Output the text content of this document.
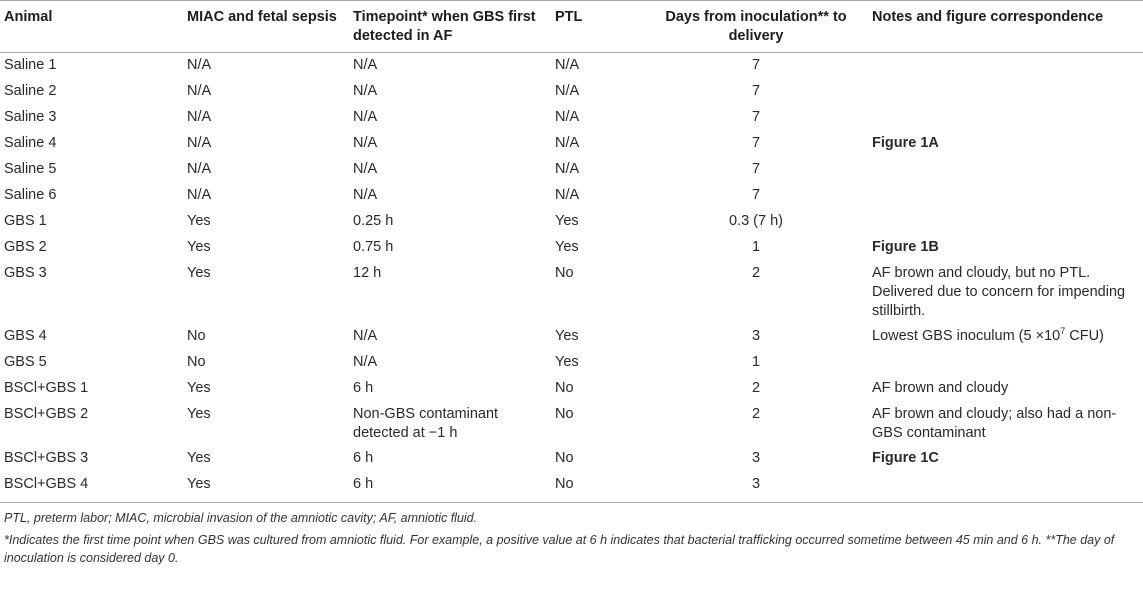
Animal	MIAC and fetal sepsis	Timepoint* when GBS first detected in AF	PTL	Days from inoculation** to delivery	Notes and figure correspondence
Saline 1	N/A	N/A	N/A	7	
Saline 2	N/A	N/A	N/A	7	
Saline 3	N/A	N/A	N/A	7	
Saline 4	N/A	N/A	N/A	7	Figure 1A
Saline 5	N/A	N/A	N/A	7	
Saline 6	N/A	N/A	N/A	7	
GBS 1	Yes	0.25 h	Yes	0.3 (7 h)	
GBS 2	Yes	0.75 h	Yes	1	Figure 1B
GBS 3	Yes	12 h	No	2	AF brown and cloudy, but no PTL. Delivered due to concern for impending stillbirth.
GBS 4	No	N/A	Yes	3	Lowest GBS inoculum ($5 \times 10^7$ CFU)
GBS 5	No	N/A	Yes	1	
BSCl+GBS 1	Yes	6 h	No	2	AF brown and cloudy
BSCl+GBS 2	Yes	Non-GBS contaminant detected at −1 h	No	2	AF brown and cloudy; also had a non-GBS contaminant
BSCl+GBS 3	Yes	6 h	No	3	Figure 1C
BSCl+GBS 4	Yes	6 h	No	3	

PTL, preterm labor; MIAC, microbial invasion of the amniotic cavity; AF, amniotic fluid.

*Indicates the first time point when GBS was cultured from amniotic fluid. For example, a positive value at 6 h indicates that bacterial trafficking occurred sometime between 45 min and 6 h. **The day of inoculation is considered day 0.
